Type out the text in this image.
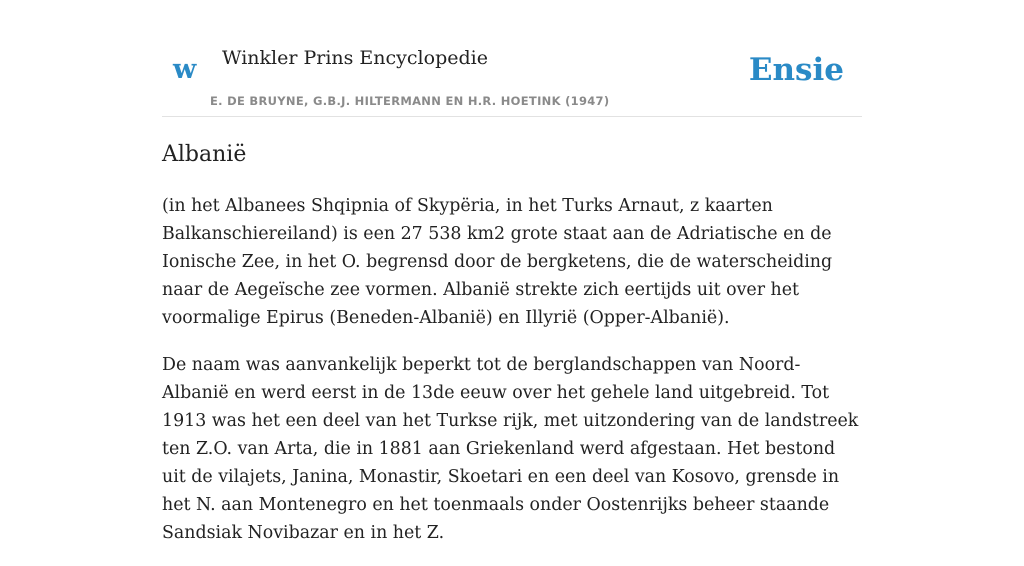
w Winkler Prins Encyclopedie
E. DE BRUYNE, G.B.J. HILTERMANN EN H.R. HOETINK (1947)
Ensie
Albanië

(in het Albanees Shqipnia of Skypëria, in het Turks Arnaut, z kaarten Balkanschiereiland) is een 27 538 km2 grote staat aan de Adriatische en de Ionische Zee, in het O. begrensd door de bergketens, die de waterscheiding naar de Aegeïsche zee vormen. Albanië strekte zich eertijds uit over het voormalige Epirus (Beneden-Albanië) en Illyrië (Opper-Albanië).

De naam was aanvankelijk beperkt tot de berglandschappen van Noord-Albanië en werd eerst in de 13de eeuw over het gehele land uitgebreid. Tot 1913 was het een deel van het Turkse rijk, met uitzondering van de landstreek ten Z.O. van Arta, die in 1881 aan Griekenland werd afgestaan. Het bestond uit de vilajets, Janina, Monastir, Skoetari en een deel van Kosovo, grensde in het N. aan Montenegro en het toenmaals onder Oostenrijks beheer staande Sandsiak Novibazar en in het Z.
